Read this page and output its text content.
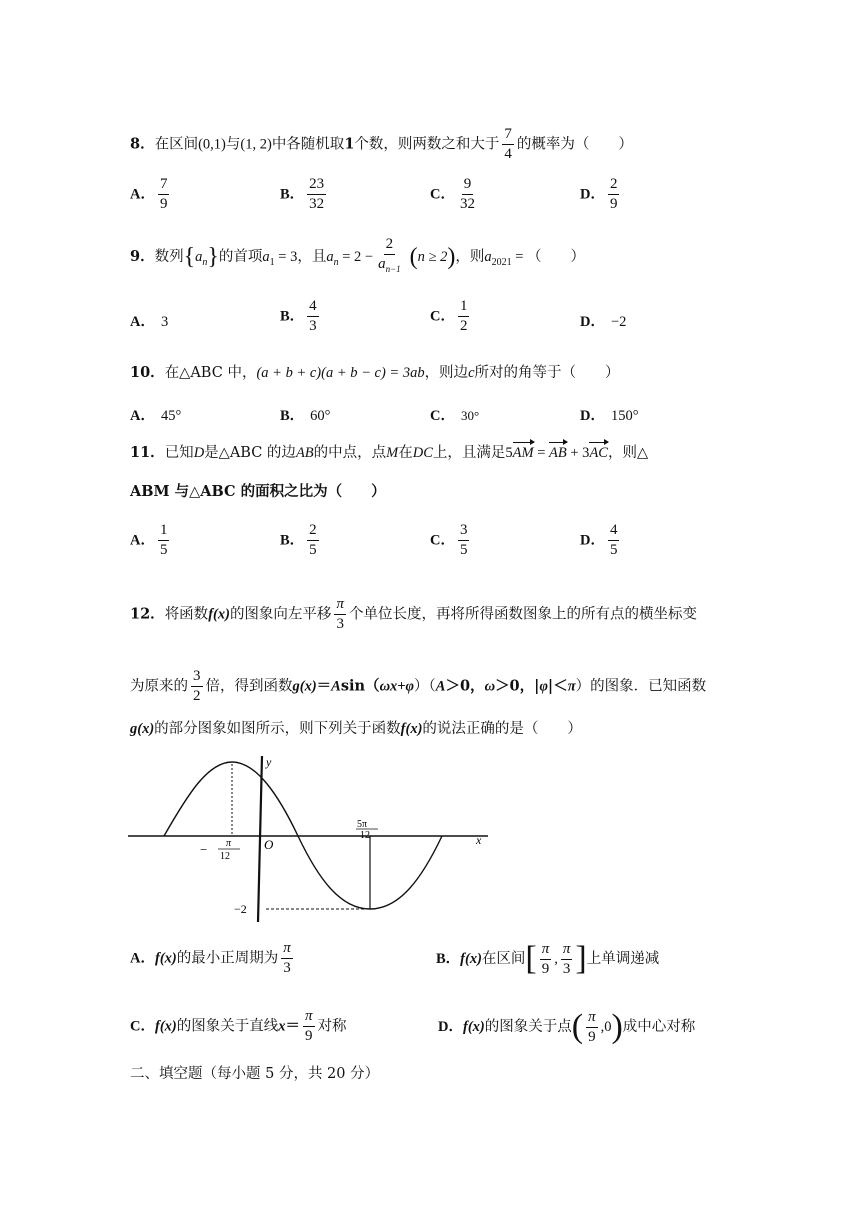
8．在区间(0,1)与(1, 2)中各随机取1个数，则两数之和大于 $\frac{7}{4}$ 的概率为（　　）
A． $\frac{7}{9}$	B． $\frac{23}{32}$	C． $\frac{9}{32}$	D． $\frac{2}{9}$
9．数列$\{a_n\}$的首项$a_1 = 3$，且$a_n = 2 - \frac{2}{a_{n-1}} (n \ge 2)$，则$a_{2021}$ = （　　）
A． 3	B． $\frac{4}{3}$	C． $\frac{1}{2}$	D． −2
10．在△ABC 中，(a + b + c)(a + b − c) = 3ab，则边c所对的角等于（　　）
A． 45°	B． 60°	C． 30°	D． 150°
11．已知D是△ABC 的边AB的中点，点M在DC上，且满足5AM = AB + 3AC，则△
ABM 与△ABC 的面积之比为（　　）
A． $\frac{1}{5}$	B． $\frac{2}{5}$	C． $\frac{3}{5}$	D． $\frac{4}{5}$
12．将函数f(x)的图象向左平移 $\frac{\pi}{3}$ 个单位长度，再将所得函数图象上的所有点的横坐标变
为原来的 $\frac{3}{2}$ 倍，得到函数g(x)＝Asin（ωx+φ）（A＞0，ω＞0，|φ|＜π）的图象．已知函数
g(x)的部分图象如图所示，则下列关于函数f(x)的说法正确的是（　　）
y
x
O
− π
12
5π
12
−2
A．f(x)的最小正周期为 $\frac{\pi}{3}$	B．f(x)在区间[ $\frac{\pi}{9}$ , $\frac{\pi}{3}$ ]上单调递减
C．f(x)的图象关于直线$x= \frac{\pi}{9}$ 对称	D．f(x)的图象关于点( $\frac{\pi}{9} ,0$)成中心对称
二、填空题（每小题 5 分，共 20 分）
